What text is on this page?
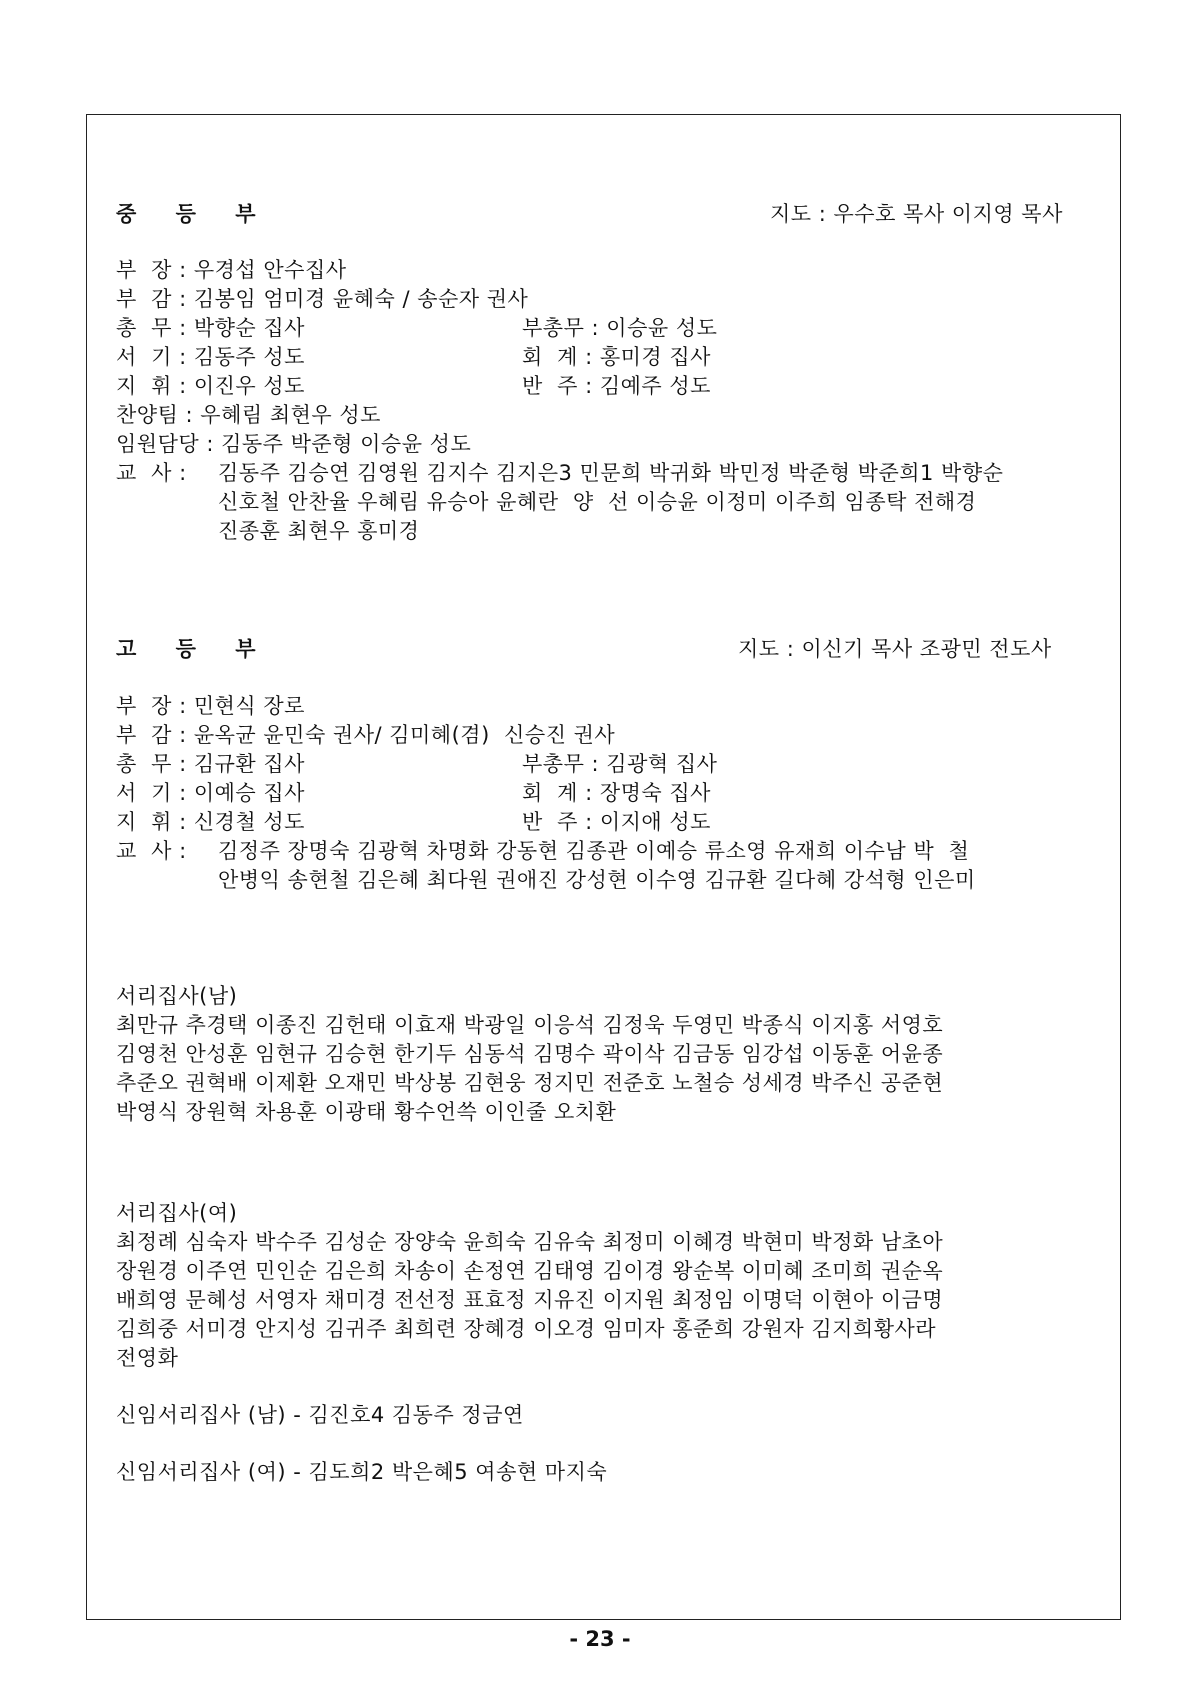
중 등 부	지도 : 우수호 목사 이지영 목사
부  장 : 우경섭 안수집사
부  감 : 김봉임 엄미경 윤혜숙 / 송순자 권사
총  무 : 박향순 집사
서  기 : 김동주 성도
지  휘 : 이진우 성도
찬양팀 : 우혜림 최현우 성도
임원담당 : 김동주 박준형 이승윤 성도
부총무 : 이승윤 성도
회  계 : 홍미경 집사
반  주 : 김예주 성도
교  사 : 김동주 김승연 김영원 김지수 김지은3 민문희 박귀화 박민정 박준형 박준희1 박향순
신호철 안찬율 우혜림 유승아 윤혜란  양  선 이승윤 이정미 이주희 임종탁 전해경
진종훈 최현우 홍미경
고 등 부	지도 : 이신기 목사 조광민 전도사
부  장 : 민현식 장로
부  감 : 윤옥균 윤민숙 권사/ 김미혜(겸)  신승진 권사
총  무 : 김규환 집사
서  기 : 이예승 집사
지  휘 : 신경철 성도
부총무 : 김광혁 집사
회  계 : 장명숙 집사
반  주 : 이지애 성도
교  사 : 김정주 장명숙 김광혁 차명화 강동현 김종관 이예승 류소영 유재희 이수남 박  철
안병익 송현철 김은혜 최다원 권애진 강성현 이수영 김규환 길다혜 강석형 인은미
서리집사(남)
최만규 추경택 이종진 김헌태 이효재 박광일 이응석 김정욱 두영민 박종식 이지홍 서영호
김영천 안성훈 임현규 김승현 한기두 심동석 김명수 곽이삭 김금동 임강섭 이동훈 어윤종
추준오 권혁배 이제환 오재민 박상봉 김현웅 정지민 전준호 노철승 성세경 박주신 공준현
박영식 장원혁 차용훈 이광태 황수언쓱 이인줄 오치환
서리집사(여)
최정례 심숙자 박수주 김성순 장양숙 윤희숙 김유숙 최정미 이혜경 박현미 박정화 남초아
장원경 이주연 민인순 김은희 차송이 손정연 김태영 김이경 왕순복 이미혜 조미희 권순옥
배희영 문혜성 서영자 채미경 전선정 표효정 지유진 이지원 최정임 이명덕 이현아 이금명
김희중 서미경 안지성 김귀주 최희련 장혜경 이오경 임미자 홍준희 강원자 김지희황사라
전영화
신임서리집사 (남) - 김진호4 김동주 정금연
신임서리집사 (여) - 김도희2 박은혜5 여송현 마지숙
- 23 -
